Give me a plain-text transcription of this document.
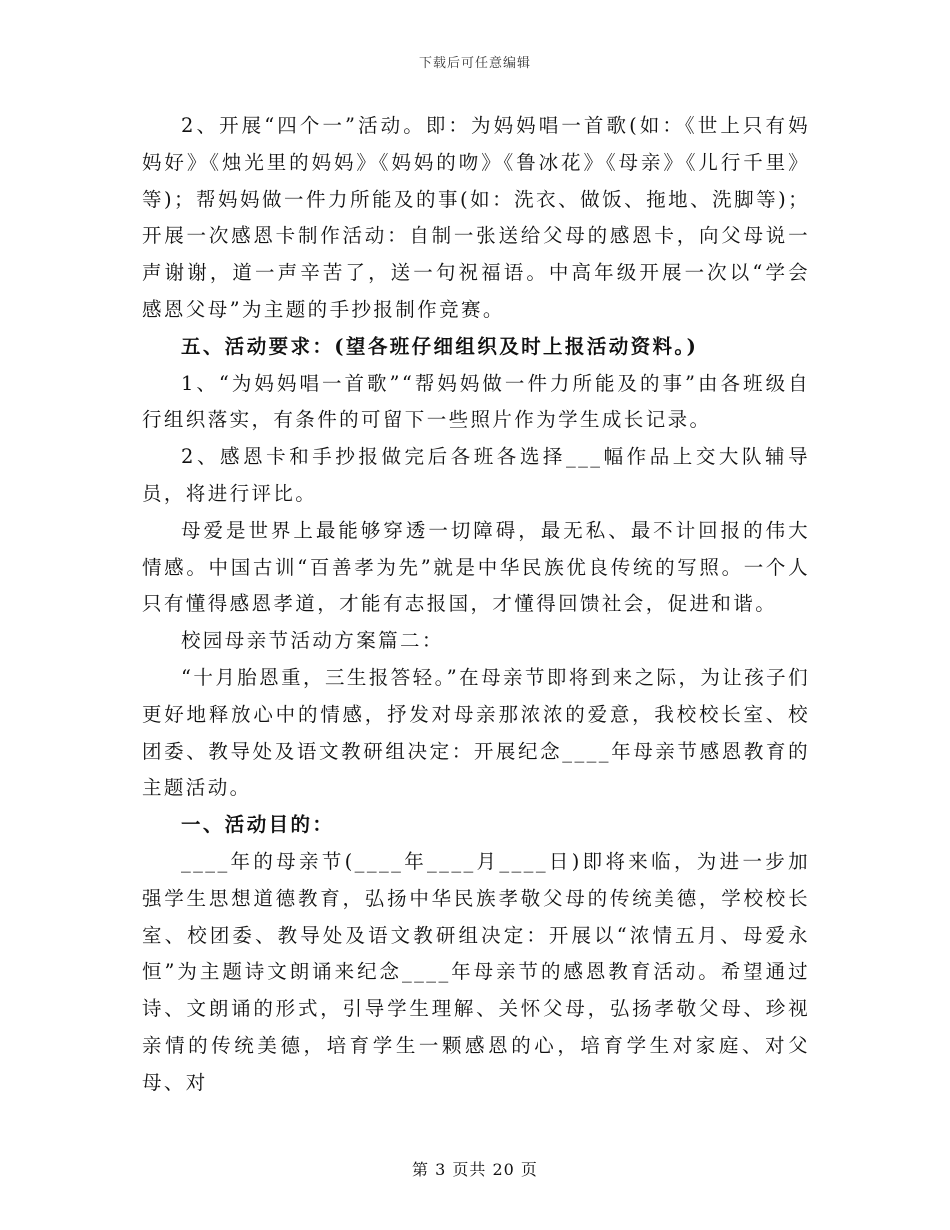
下载后可任意编辑

2、开展“四个一”活动。即：为妈妈唱一首歌(如：《世上只有妈妈好》《烛光里的妈妈》《妈妈的吻》《鲁冰花》《母亲》《儿行千里》等)；帮妈妈做一件力所能及的事(如：洗衣、做饭、拖地、洗脚等)；开展一次感恩卡制作活动：自制一张送给父母的感恩卡，向父母说一声谢谢，道一声辛苦了，送一句祝福语。中高年级开展一次以“学会感恩父母”为主题的手抄报制作竞赛。

五、活动要求：(望各班仔细组织及时上报活动资料。)

1、“为妈妈唱一首歌”“帮妈妈做一件力所能及的事”由各班级自行组织落实，有条件的可留下一些照片作为学生成长记录。

2、感恩卡和手抄报做完后各班各选择___幅作品上交大队辅导员，将进行评比。

母爱是世界上最能够穿透一切障碍，最无私、最不计回报的伟大情感。中国古训“百善孝为先”就是中华民族优良传统的写照。一个人只有懂得感恩孝道，才能有志报国，才懂得回馈社会，促进和谐。

校园母亲节活动方案篇二：

“十月胎恩重，三生报答轻。”在母亲节即将到来之际，为让孩子们更好地释放心中的情感，抒发对母亲那浓浓的爱意，我校校长室、校团委、教导处及语文教研组决定：开展纪念____年母亲节感恩教育的主题活动。

一、活动目的：

____年的母亲节(____年____月____日)即将来临，为进一步加强学生思想道德教育，弘扬中华民族孝敬父母的传统美德，学校校长室、校团委、教导处及语文教研组决定：开展以“浓情五月、母爱永恒”为主题诗文朗诵来纪念____年母亲节的感恩教育活动。希望通过诗、文朗诵的形式，引导学生理解、关怀父母，弘扬孝敬父母、珍视亲情的传统美德，培育学生一颗感恩的心，培育学生对家庭、对父母、对

第 3 页共 20 页
